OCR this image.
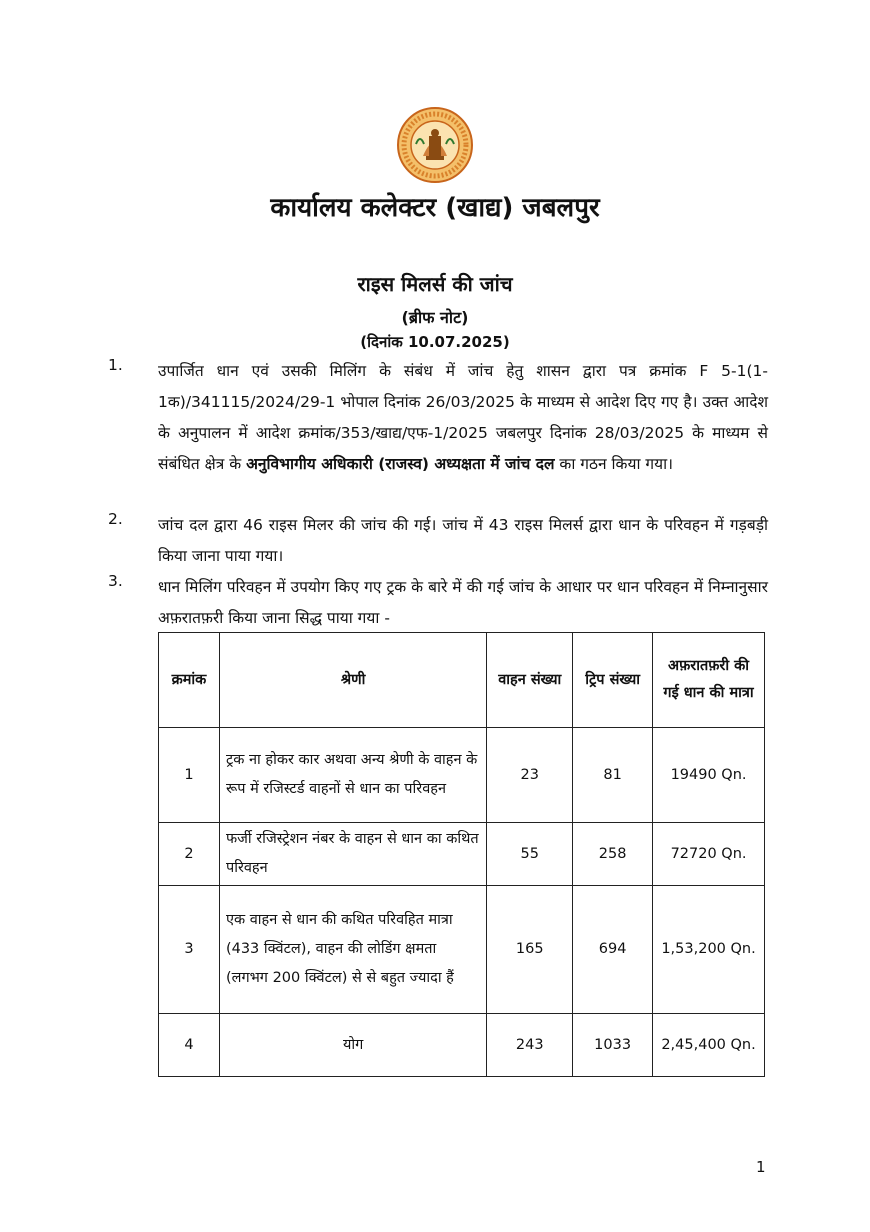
कार्यालय कलेक्टर (खाद्य) जबलपुर
राइस मिलर्स की जांच
(ब्रीफ नोट)
(दिनांक 10.07.2025)
1. उपार्जित धान एवं उसकी मिलिंग के संबंध में जांच हेतु शासन द्वारा पत्र क्रमांक F 5-1(1-1क)/341115/2024/29-1 भोपाल दिनांक 26/03/2025 के माध्यम से आदेश दिए गए है। उक्त आदेश के अनुपालन में आदेश क्रमांक/353/खाद्य/एफ-1/2025 जबलपुर दिनांक 28/03/2025 के माध्यम से संबंधित क्षेत्र के अनुविभागीय अधिकारी (राजस्व) अध्यक्षता में जांच दल का गठन किया गया।
2. जांच दल द्वारा 46 राइस मिलर की जांच की गई। जांच में 43 राइस मिलर्स द्वारा धान के परिवहन में गड़बड़ी किया जाना पाया गया।
3. धान मिलिंग परिवहन में उपयोग किए गए ट्रक के बारे में की गई जांच के आधार पर धान परिवहन में निम्नानुसार अफ़रातफ़री किया जाना सिद्ध पाया गया -
क्रमांक	श्रेणी	वाहन संख्या	ट्रिप संख्या	अफ़रातफ़री की गई धान की मात्रा
1	ट्रक ना होकर कार अथवा अन्य श्रेणी के वाहन के रूप में रजिस्टर्ड वाहनों से धान का परिवहन	23	81	19490 Qn.
2	फर्जी रजिस्ट्रेशन नंबर के वाहन से धान का कथित परिवहन	55	258	72720 Qn.
3	एक वाहन से धान की कथित परिवहित मात्रा (433 क्विंटल), वाहन की लोडिंग क्षमता (लगभग 200 क्विंटल) से से बहुत ज्यादा हैं	165	694	1,53,200 Qn.
4	योग	243	1033	2,45,400 Qn.
1
